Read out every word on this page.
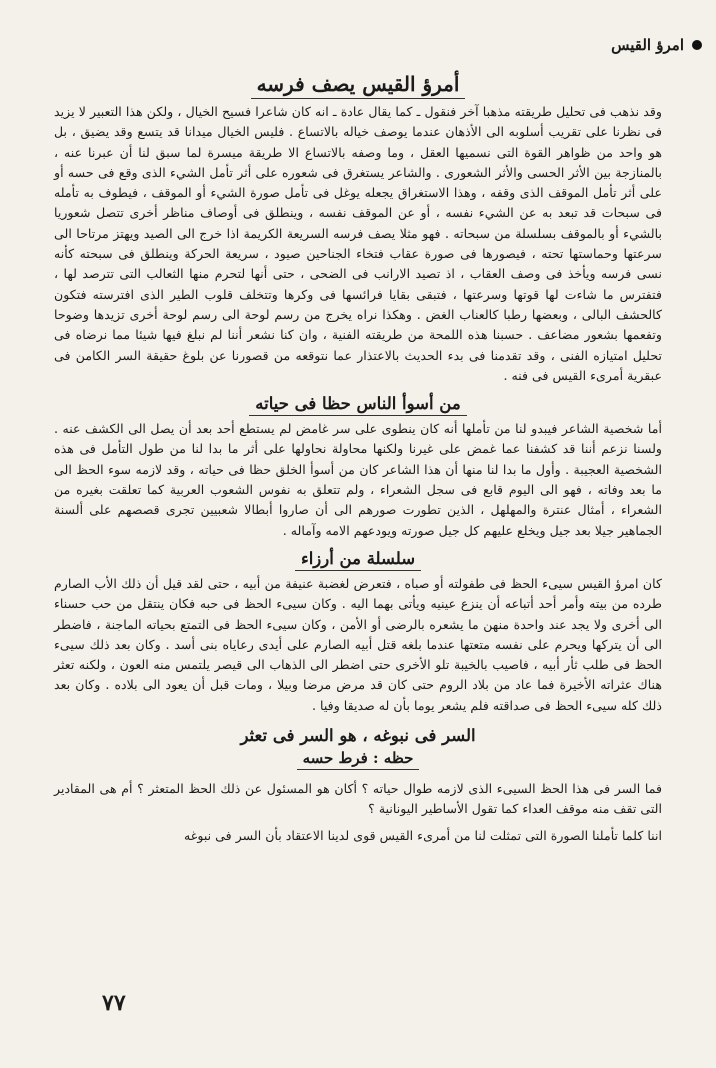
امرؤ القيس
أمرؤ القيس يصف فرسه

وقد نذهب فى تحليل طريقته مذهبا آخر فنقول ـ كما يقال عادة ـ انه كان شاعرا فسيح الخيال ، ولكن هذا التعبير لا يزيد فى نظرنا على تقريب أسلوبه الى الأذهان عندما يوصف خياله بالاتساع . فليس الخيال ميدانا قد يتسع وقد يضيق ، بل هو واحد من ظواهر القوة التى نسميها العقل ، وما وصفه بالاتساع الا طريقة ميسرة لما سبق لنا أن عبرنا عنه ، بالمنازجة بين الأثر الحسى والأثر الشعورى . والشاعر يستغرق فى شعوره على أثر تأمل الشيء الذى وقع فى حسه أو على أثر تأمل الموقف الذى وقفه ، وهذا الاستغراق يجعله يوغل فى تأمل صورة الشيء أو الموقف ، فيطوف به تأمله فى سبحات قد تبعد به عن الشيء نفسه ، أو عن الموقف نفسه ، وينطلق فى أوصاف مناظر أخرى تتصل شعوريا بالشيء أو بالموقف بسلسلة من سبحاته . فهو مثلا يصف فرسه السريعة الكريمة اذا خرج الى الصيد ويهتز مرتاحا الى سرعتها وحماستها تحته ، فيصورها فى صورة عقاب فتخاء الجناحين صيود ، سريعة الحركة وينطلق فى سبحته كأنه نسى فرسه ويأخذ فى وصف العقاب ، اذ تصيد الارانب فى الضحى ، حتى أنها لتحرم منها الثعالب التى تترصد لها ، فتفترس ما شاءت لها قوتها وسرعتها ، فتبقى بقايا فرائسها فى وكرها وتتخلف قلوب الطير الذى افترسته فتكون كالحشف البالى ، وبعضها رطبا كالعناب الغض . وهكذا نراه يخرج من رسم لوحة الى رسم لوحة أخرى تزيدها وضوحا وتفعمها بشعور مضاعف . حسبنا هذه اللمحة من طريقته الفنية ، وان كنا نشعر أننا لم نبلغ فيها شيئا مما نرضاه فى تحليل امتيازه الفنى ، وقد تقدمنا فى بدء الحديث بالاعتذار عما نتوقعه من قصورنا عن بلوغ حقيقة السر الكامن فى عبقرية أمرىء القيس فى فنه .

من أسوأ الناس حظا فى حياته

أما شخصية الشاعر فيبدو لنا من تأملها أنه كان ينطوى على سر غامض لم يستطع أحد بعد أن يصل الى الكشف عنه . ولسنا نزعم أننا قد كشفنا عما غمض على غيرنا ولكنها محاولة نحاولها على أثر ما بدا لنا من طول التأمل فى هذه الشخصية العجيبة . وأول ما بدا لنا منها أن هذا الشاعر كان من أسوأ الخلق حظا فى حياته ، وقد لازمه سوء الحظ الى ما بعد وفاته ، فهو الى اليوم قابع فى سجل الشعراء ، ولم تتعلق به نفوس الشعوب العربية كما تعلقت بغيره من الشعراء ، أمثال عنترة والمهلهل ، الذين تطورت صورهم الى أن صاروا أبطالا شعبيين تجرى قصصهم على ألسنة الجماهير جيلا بعد جيل ويخلع عليهم كل جيل صورته ويودعهم الامه وآماله .

سلسلة من أرزاء

كان امرؤ القيس سيىء الحظ فى طفولته أو صباه ، فتعرض لغضبة عنيفة من أبيه ، حتى لقد قيل أن ذلك الأب الصارم طرده من بيته وأمر أحد أتباعه أن ينزع عينيه ويأتى بهما اليه . وكان سيىء الحظ فى حبه فكان ينتقل من حب حسناء الى أخرى ولا يجد عند واحدة منهن ما يشعره بالرضى أو الأمن ، وكان سيىء الحظ فى التمتع بحياته الماجنة ، فاضطر الى أن يتركها ويحرم على نفسه متعتها عندما بلغه قتل أبيه الصارم على أيدى رعاياه بنى أسد . وكان بعد ذلك سيىء الحظ فى طلب ثأر أبيه ، فاصيب بالخيبة تلو الأخرى حتى اضطر الى الذهاب الى قيصر يلتمس منه العون ، ولكنه تعثر هناك عثراته الأخيرة فما عاد من بلاد الروم حتى كان قد مرض مرضا وبيلا ، ومات قبل أن يعود الى بلاده . وكان بعد ذلك كله سيىء الحظ فى صداقته فلم يشعر يوما بأن له صديقا وفيا .

السر فى نبوغه ، هو السر فى تعثر
حظه : فرط حسه

فما السر فى هذا الحظ السيىء الذى لازمه طوال حياته ؟ أكان هو المسئول عن ذلك الحظ المتعثر ؟ أم هى المقادير التى تقف منه موقف العداء كما تقول الأساطير اليونانية ؟

اننا كلما تأملنا الصورة التى تمثلت لنا من أمرىء القيس قوى لدينا الاعتقاد بأن السر فى نبوغه

٧٧
